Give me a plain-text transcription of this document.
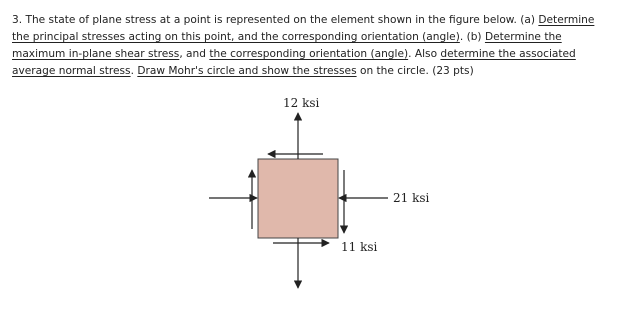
3. The state of plane stress at a point is represented on the element shown in the figure below. (a) Determine the principal stresses acting on this point, and the corresponding orientation (angle). (b) Determine the maximum in-plane shear stress, and the corresponding orientation (angle). Also determine the associated average normal stress. Draw Mohr's circle and show the stresses on the circle. (23 pts)
12 ksi
21 ksi
11 ksi
